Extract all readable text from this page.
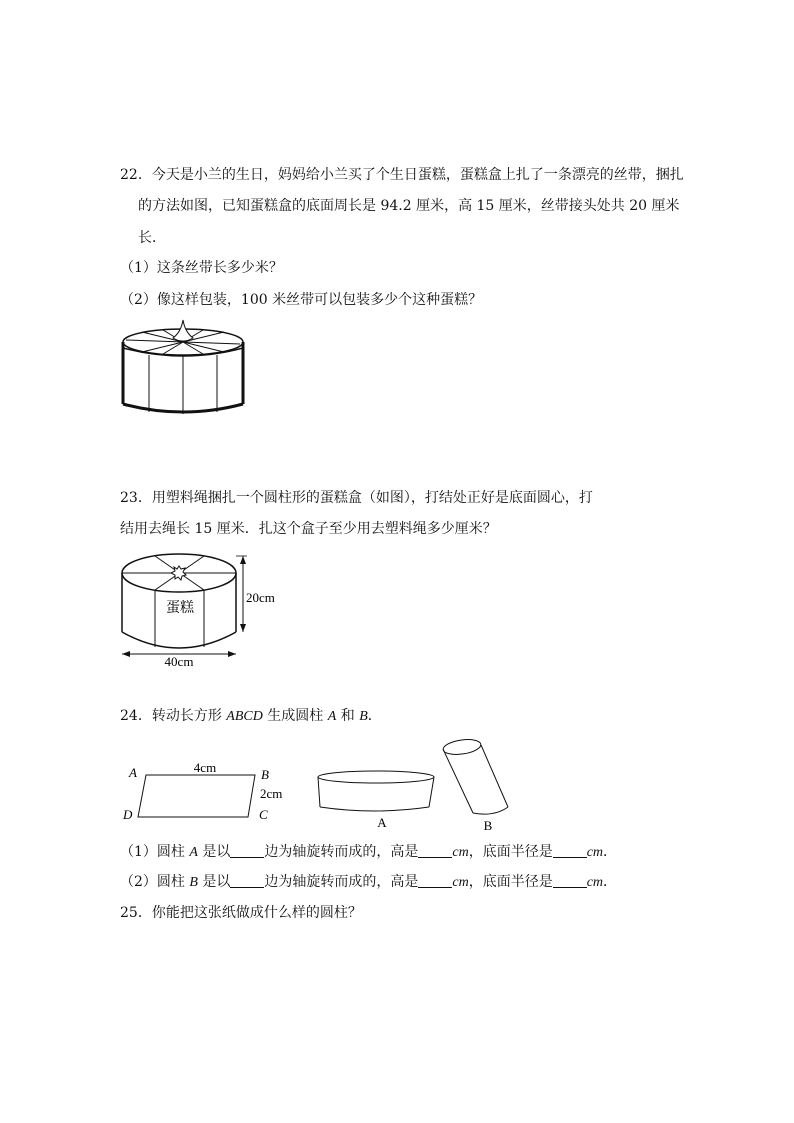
22．今天是小兰的生日，妈妈给小兰买了个生日蛋糕，蛋糕盒上扎了一条漂亮的丝带，捆扎
的方法如图，已知蛋糕盒的底面周长是 94.2 厘米，高 15 厘米，丝带接头处共 20 厘米
长．
（1）这条丝带长多少米？
（2）像这样包装，100 米丝带可以包装多少个这种蛋糕？
23．用塑料绳捆扎一个圆柱形的蛋糕盒（如图），打结处正好是底面圆心，打
结用去绳长 15 厘米．扎这个盒子至少用去塑料绳多少厘米？
蛋糕
20cm
40cm
24．转动长方形 ABCD 生成圆柱 A 和 B．
A	B
C
D
4cm
2cm
A	B
（1）圆柱 A 是以 边为轴旋转而成的，高是 cm，底面半径是 cm．
（2）圆柱 B 是以 边为轴旋转而成的，高是 cm，底面半径是 cm．
25．你能把这张纸做成什么样的圆柱？
